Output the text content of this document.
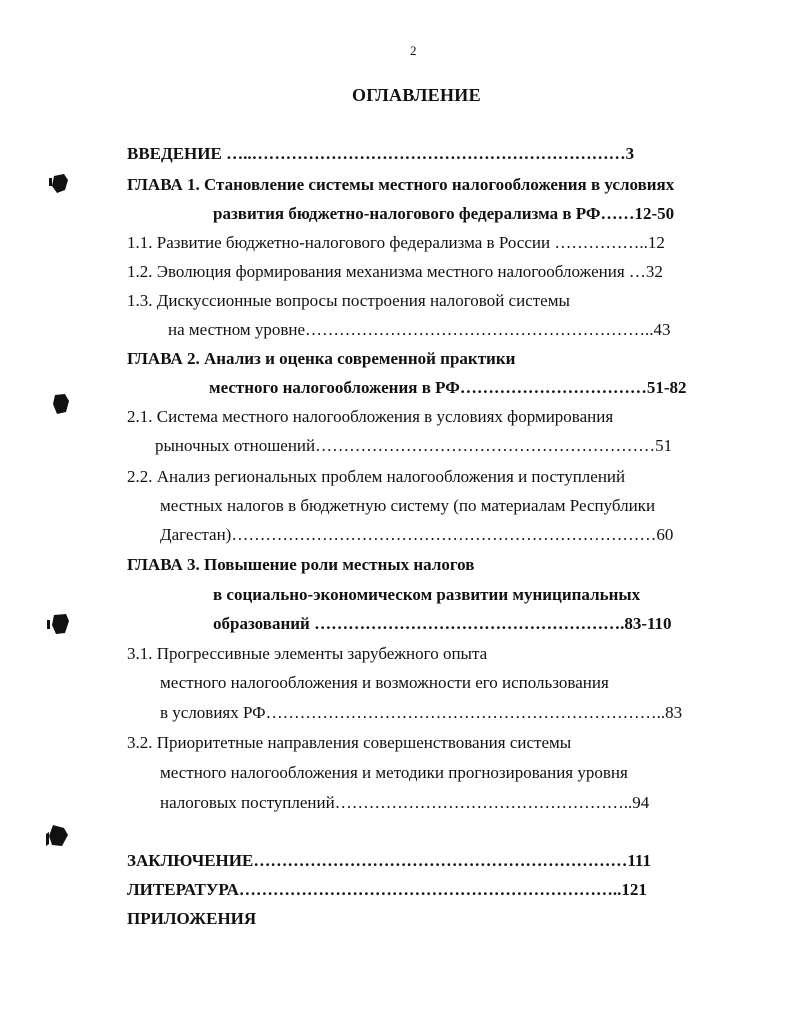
2
ОГЛАВЛЕНИЕ
ВВЕДЕНИЕ …..…………………………………………………………3
ГЛАВА 1. Становление системы местного налогообложения в условиях
развития бюджетно-налогового федерализма в РФ……12-50
1.1. Развитие бюджетно-налогового федерализма в России ……………..12
1.2. Эволюция формирования механизма местного налогообложения …32
1.3. Дискуссионные вопросы построения налоговой системы
на местном уровне……………………………………………………..43
ГЛАВА 2. Анализ и оценка современной практики
местного налогообложения в РФ……………………………51-82
2.1. Система местного налогообложения в условиях формирования
рыночных отношений……………………………………………………51
2.2. Анализ региональных проблем налогообложения и поступлений
местных налогов в бюджетную систему (по материалам Республики
Дагестан)…………………………………………………………………60
ГЛАВА 3. Повышение роли местных налогов
в социально-экономическом развитии муниципальных
образований ……………………………………………….83-110
3.1. Прогрессивные элементы зарубежного опыта
местного налогообложения и возможности его использования
в условиях РФ……………………………………………………………..83
3.2. Приоритетные направления совершенствования системы
местного налогообложения и методики прогнозирования уровня
налоговых поступлений……………………………………………..94
ЗАКЛЮЧЕНИЕ…………………………………………………………111
ЛИТЕРАТУРА…………………………………………………………..121
ПРИЛОЖЕНИЯ
